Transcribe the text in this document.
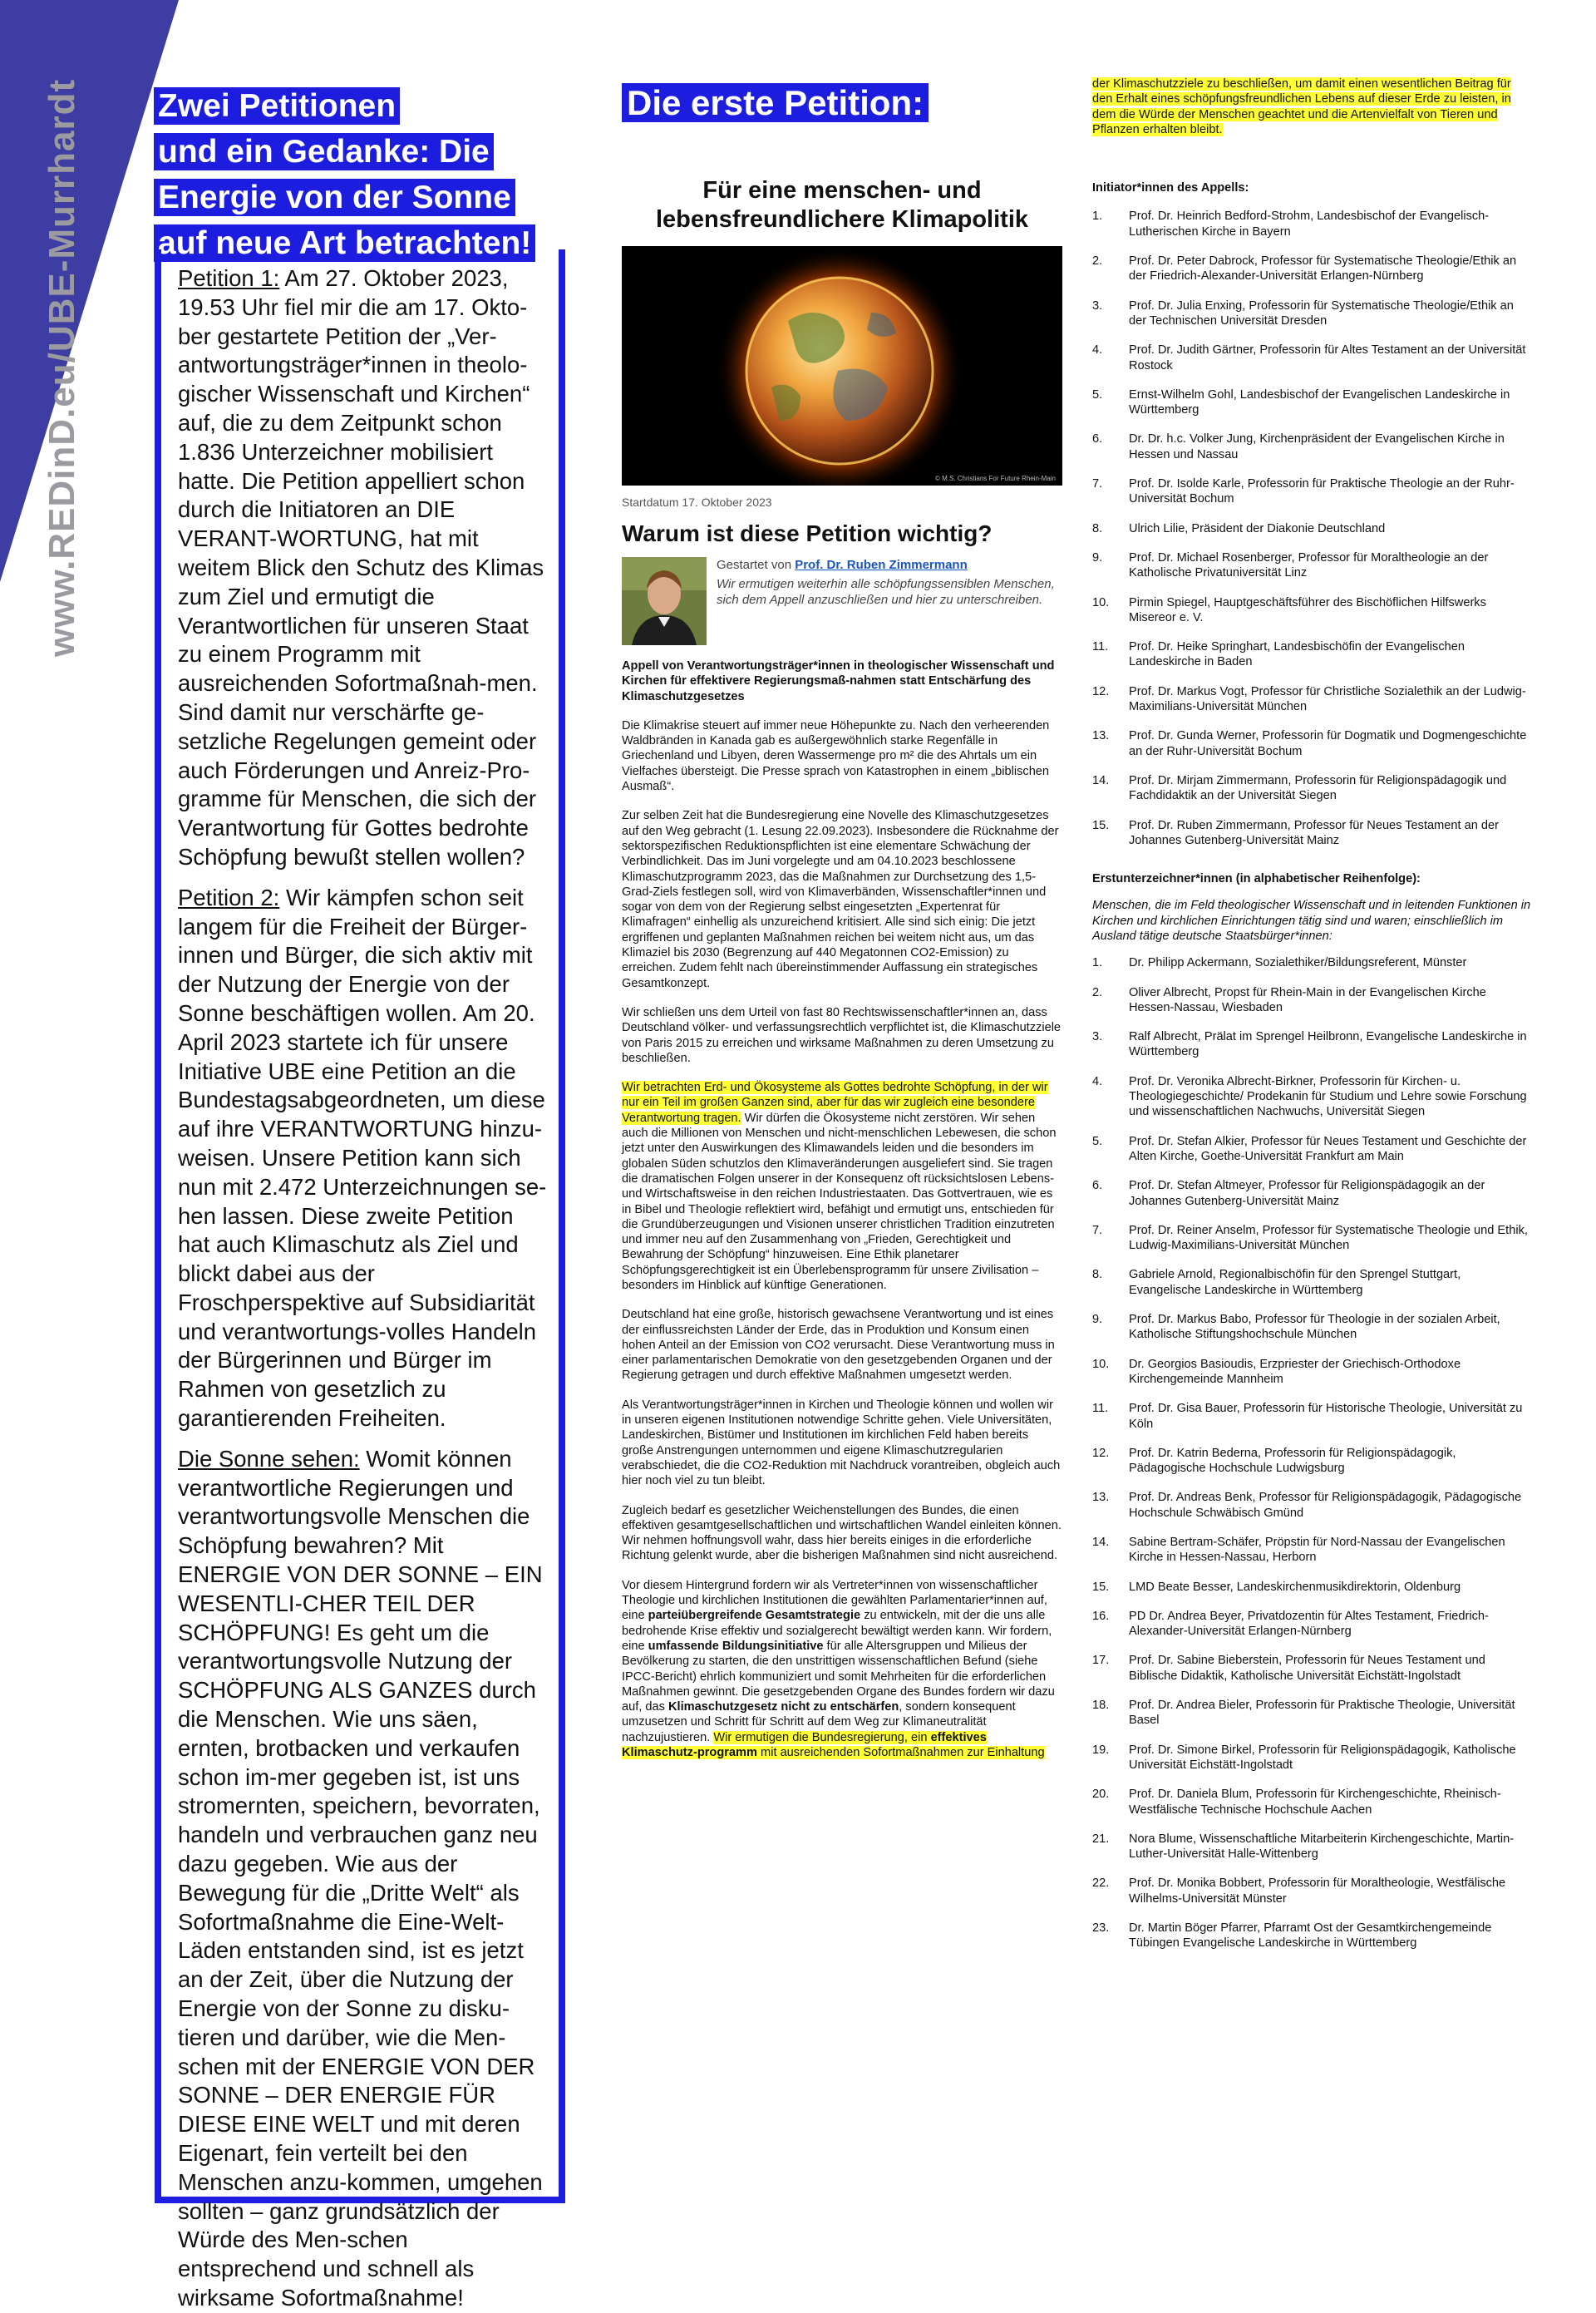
www.REDinD.eu/UBE-Murrhardt Zwei Petitionen
und ein Gedanke: Die
Energie von der Sonne
auf neue Art betrachten!

Petition 1: Am 27. Oktober 2023, 19.53 Uhr fiel mir die am 17. Okto-ber gestartete Petition der „Ver-antwortungsträger*innen in theolo-gischer Wissenschaft und Kirchen“ auf, die zu dem Zeitpunkt schon 1.836 Unterzeichner mobilisiert hatte. Die Petition appelliert schon durch die Initiatoren an DIE VERANT-WORTUNG, hat mit weitem Blick den Schutz des Klimas zum Ziel und ermutigt die Verantwortlichen für unseren Staat zu einem Programm mit ausreichenden Sofortmaßnah-men. Sind damit nur verschärfte ge-setzliche Regelungen gemeint oder auch Förderungen und Anreiz-Pro-gramme für Menschen, die sich der Verantwortung für Gottes bedrohte Schöpfung bewußt stellen wollen?

Petition 2: Wir kämpfen schon seit langem für die Freiheit der Bürger-innen und Bürger, die sich aktiv mit der Nutzung der Energie von der Sonne beschäftigen wollen. Am 20. April 2023 startete ich für unsere Initiative UBE eine Petition an die Bundestagsabgeordneten, um diese auf ihre VERANTWORTUNG hinzu-weisen. Unsere Petition kann sich nun mit 2.472 Unterzeichnungen se-hen lassen. Diese zweite Petition hat auch Klimaschutz als Ziel und blickt dabei aus der Froschperspektive auf Subsidiarität und verantwortungs-volles Handeln der Bürgerinnen und Bürger im Rahmen von gesetzlich zu garantierenden Freiheiten.

Die Sonne sehen: Womit können verantwortliche Regierungen und verantwortungsvolle Menschen die Schöpfung bewahren? Mit ENERGIE VON DER SONNE – EIN WESENTLI-CHER TEIL DER SCHÖPFUNG! Es geht um die verantwortungsvolle Nutzung der SCHÖPFUNG ALS GANZES durch die Menschen. Wie uns säen, ernten, brotbacken und verkaufen schon im-mer gegeben ist, ist uns stromernten, speichern, bevorraten, handeln und verbrauchen ganz neu dazu gegeben. Wie aus der Bewegung für die „Dritte Welt“ als Sofortmaßnahme die Eine-Welt-Läden entstanden sind, ist es jetzt an der Zeit, über die Nutzung der Energie von der Sonne zu disku-tieren und darüber, wie die Men-schen mit der ENERGIE VON DER SONNE – DER ENERGIE FÜR DIESE EINE WELT und mit deren Eigenart, fein verteilt bei den Menschen anzu-kommen, umgehen sollten – ganz grundsätzlich der Würde des Men-schen entsprechend und schnell als wirksame Sofortmaßnahme!

Die erste Petition:
Für eine menschen- und lebensfreundlichere Klimapolitik
© M.S. Christians For Future Rhein-Main
Startdatum 17. Oktober 2023
Warum ist diese Petition wichtig?
Gestartet von Prof. Dr. Ruben Zimmermann
Wir ermutigen weiterhin alle schöpfungssensiblen Menschen, sich dem Appell anzuschließen und hier zu unterschreiben.

Appell von Verantwortungsträger*innen in theologischer Wissenschaft und Kirchen für effektivere Regierungsmaß-nahmen statt Entschärfung des Klimaschutzgesetzes

Die Klimakrise steuert auf immer neue Höhepunkte zu. Nach den verheerenden Waldbränden in Kanada gab es außergewöhnlich starke Regenfälle in Griechenland und Libyen, deren Wassermenge pro m² die des Ahrtals um ein Vielfaches übersteigt. Die Presse sprach von Katastrophen in einem „biblischen Ausmaß“.

Zur selben Zeit hat die Bundesregierung eine Novelle des Klimaschutzgesetzes auf den Weg gebracht (1. Lesung 22.09.2023). Insbesondere die Rücknahme der sektorspezifischen Reduktionspflichten ist eine elementare Schwächung der Verbindlichkeit. Das im Juni vorgelegte und am 04.10.2023 beschlossene Klimaschutzprogramm 2023, das die Maßnahmen zur Durchsetzung des 1,5-Grad-Ziels festlegen soll, wird von Klimaverbänden, Wissenschaftler*innen und sogar von dem von der Regierung selbst eingesetzten „Expertenrat für Klimafragen“ einhellig als unzureichend kritisiert. Alle sind sich einig: Die jetzt ergriffenen und geplanten Maßnahmen reichen bei weitem nicht aus, um das Klimaziel bis 2030 (Begrenzung auf 440 Megatonnen CO2-Emission) zu erreichen. Zudem fehlt nach übereinstimmender Auffassung ein strategisches Gesamtkonzept.

Wir schließen uns dem Urteil von fast 80 Rechtswissenschaftler*innen an, dass Deutschland völker- und verfassungsrechtlich verpflichtet ist, die Klimaschutzziele von Paris 2015 zu erreichen und wirksame Maßnahmen zu deren Umsetzung zu beschließen.

Wir betrachten Erd- und Ökosysteme als Gottes bedrohte Schöpfung, in der wir nur ein Teil im großen Ganzen sind, aber für das wir zugleich eine besondere Verantwortung tragen. Wir dürfen die Ökosysteme nicht zerstören. Wir sehen auch die Millionen von Menschen und nicht-menschlichen Lebewesen, die schon jetzt unter den Auswirkungen des Klimawandels leiden und die besonders im globalen Süden schutzlos den Klimaveränderungen ausgeliefert sind. Sie tragen die dramatischen Folgen unserer in der Konsequenz oft rücksichtslosen Lebens- und Wirtschaftsweise in den reichen Industriestaaten. Das Gottvertrauen, wie es in Bibel und Theologie reflektiert wird, befähigt und ermutigt uns, entschieden für die Grundüberzeugungen und Visionen unserer christlichen Tradition einzutreten und immer neu auf den Zusammenhang von „Frieden, Gerechtigkeit und Bewahrung der Schöpfung“ hinzuweisen. Eine Ethik planetarer Schöpfungsgerechtigkeit ist ein Überlebensprogramm für unsere Zivilisation – besonders im Hinblick auf künftige Generationen.

Deutschland hat eine große, historisch gewachsene Verantwortung und ist eines der einflussreichsten Länder der Erde, das in Produktion und Konsum einen hohen Anteil an der Emission von CO2 verursacht. Diese Verantwortung muss in einer parlamentarischen Demokratie von den gesetzgebenden Organen und der Regierung getragen und durch effektive Maßnahmen umgesetzt werden.

Als Verantwortungsträger*innen in Kirchen und Theologie können und wollen wir in unseren eigenen Institutionen notwendige Schritte gehen. Viele Universitäten, Landeskirchen, Bistümer und Institutionen im kirchlichen Feld haben bereits große Anstrengungen unternommen und eigene Klimaschutzregularien verabschiedet, die die CO2-Reduktion mit Nachdruck vorantreiben, obgleich auch hier noch viel zu tun bleibt.

Zugleich bedarf es gesetzlicher Weichenstellungen des Bundes, die einen effektiven gesamtgesellschaftlichen und wirtschaftlichen Wandel einleiten können. Wir nehmen hoffnungsvoll wahr, dass hier bereits einiges in die erforderliche Richtung gelenkt wurde, aber die bisherigen Maßnahmen sind nicht ausreichend.

Vor diesem Hintergrund fordern wir als Vertreter*innen von wissenschaftlicher Theologie und kirchlichen Institutionen die gewählten Parlamentarier*innen auf, eine parteiübergreifende Gesamtstrategie zu entwickeln, mit der die uns alle bedrohende Krise effektiv und sozialgerecht bewältigt werden kann. Wir fordern, eine umfassende Bildungsinitiative für alle Altersgruppen und Milieus der Bevölkerung zu starten, die den unstrittigen wissenschaftlichen Befund (siehe IPCC-Bericht) ehrlich kommuniziert und somit Mehrheiten für die erforderlichen Maßnahmen gewinnt. Die gesetzgebenden Organe des Bundes fordern wir dazu auf, das Klimaschutzgesetz nicht zu entschärfen, sondern konsequent umzusetzen und Schritt für Schritt auf dem Weg zur Klimaneutralität nachzujustieren. Wir ermutigen die Bundesregierung, ein effektives Klimaschutz-programm mit ausreichenden Sofortmaßnahmen zur Einhaltung

der Klimaschutzziele zu beschließen, um damit einen wesentlichen Beitrag für den Erhalt eines schöpfungsfreundlichen Lebens auf dieser Erde zu leisten, in dem die Würde der Menschen geachtet und die Artenvielfalt von Tieren und Pflanzen erhalten bleibt.

Initiator*innen des Appells:

1.	Prof. Dr. Heinrich Bedford-Strohm, Landesbischof der Evangelisch-Lutherischen Kirche in Bayern
2.	Prof. Dr. Peter Dabrock, Professor für Systematische Theologie/Ethik an der Friedrich-Alexander-Universität Erlangen-Nürnberg
3.	Prof. Dr. Julia Enxing, Professorin für Systematische Theologie/Ethik an der Technischen Universität Dresden
4.	Prof. Dr. Judith Gärtner, Professorin für Altes Testament an der Universität Rostock
5.	Ernst-Wilhelm Gohl, Landesbischof der Evangelischen Landeskirche in Württemberg
6.	Dr. Dr. h.c. Volker Jung, Kirchenpräsident der Evangelischen Kirche in Hessen und Nassau
7.	Prof. Dr. Isolde Karle, Professorin für Praktische Theologie an der Ruhr-Universität Bochum
8.	Ulrich Lilie, Präsident der Diakonie Deutschland
9.	Prof. Dr. Michael Rosenberger, Professor für Moraltheologie an der Katholische Privatuniversität Linz
10.	Pirmin Spiegel, Hauptgeschäftsführer des Bischöflichen Hilfswerks Misereor e. V.
11.	Prof. Dr. Heike Springhart, Landesbischöfin der Evangelischen Landeskirche in Baden
12.	Prof. Dr. Markus Vogt, Professor für Christliche Sozialethik an der Ludwig-Maximilians-Universität München
13.	Prof. Dr. Gunda Werner, Professorin für Dogmatik und Dogmengeschichte an der Ruhr-Universität Bochum
14.	Prof. Dr. Mirjam Zimmermann, Professorin für Religionspädagogik und Fachdidaktik an der Universität Siegen
15.	Prof. Dr. Ruben Zimmermann, Professor für Neues Testament an der Johannes Gutenberg-Universität Mainz

Erstunterzeichner*innen (in alphabetischer Reihenfolge):

Menschen, die im Feld theologischer Wissenschaft und in leitenden Funktionen in Kirchen und kirchlichen Einrichtungen tätig sind und waren; einschließlich im Ausland tätige deutsche Staatsbürger*innen:

1.	Dr. Philipp Ackermann, Sozialethiker/Bildungsreferent, Münster
2.	Oliver Albrecht, Propst für Rhein-Main in der Evangelischen Kirche Hessen-Nassau, Wiesbaden
3.	Ralf Albrecht, Prälat im Sprengel Heilbronn, Evangelische Landeskirche in Württemberg
4.	Prof. Dr. Veronika Albrecht-Birkner, Professorin für Kirchen- u. Theologiegeschichte/ Prodekanin für Studium und Lehre sowie Forschung und wissenschaftlichen Nachwuchs, Universität Siegen
5.	Prof. Dr. Stefan Alkier, Professor für Neues Testament und Geschichte der Alten Kirche, Goethe-Universität Frankfurt am Main
6.	Prof. Dr. Stefan Altmeyer, Professor für Religionspädagogik an der Johannes Gutenberg-Universität Mainz
7.	Prof. Dr. Reiner Anselm, Professor für Systematische Theologie und Ethik, Ludwig-Maximilians-Universität München
8.	Gabriele Arnold, Regionalbischöfin für den Sprengel Stuttgart, Evangelische Landeskirche in Württemberg
9.	Prof. Dr. Markus Babo, Professor für Theologie in der sozialen Arbeit, Katholische Stiftungshochschule München
10.	Dr. Georgios Basioudis, Erzpriester der Griechisch-Orthodoxe Kirchengemeinde Mannheim
11.	Prof. Dr. Gisa Bauer, Professorin für Historische Theologie, Universität zu Köln
12.	Prof. Dr. Katrin Bederna, Professorin für Religionspädagogik, Pädagogische Hochschule Ludwigsburg
13.	Prof. Dr. Andreas Benk, Professor für Religionspädagogik, Pädagogische Hochschule Schwäbisch Gmünd
14.	Sabine Bertram-Schäfer, Pröpstin für Nord-Nassau der Evangelischen Kirche in Hessen-Nassau, Herborn
15.	LMD Beate Besser, Landeskirchenmusikdirektorin, Oldenburg
16.	PD Dr. Andrea Beyer, Privatdozentin für Altes Testament, Friedrich-Alexander-Universität Erlangen-Nürnberg
17.	Prof. Dr. Sabine Bieberstein, Professorin für Neues Testament und Biblische Didaktik, Katholische Universität Eichstätt-Ingolstadt
18.	Prof. Dr. Andrea Bieler, Professorin für Praktische Theologie, Universität Basel
19.	Prof. Dr. Simone Birkel, Professorin für Religionspädagogik, Katholische Universität Eichstätt-Ingolstadt
20.	Prof. Dr. Daniela Blum, Professorin für Kirchengeschichte, Rheinisch-Westfälische Technische Hochschule Aachen
21.	Nora Blume, Wissenschaftliche Mitarbeiterin Kirchengeschichte, Martin-Luther-Universität Halle-Wittenberg
22.	Prof. Dr. Monika Bobbert, Professorin für Moraltheologie, Westfälische Wilhelms-Universität Münster
23.	Dr. Martin Böger Pfarrer, Pfarramt Ost der Gesamtkirchengemeinde Tübingen Evangelische Landeskirche in Württemberg
